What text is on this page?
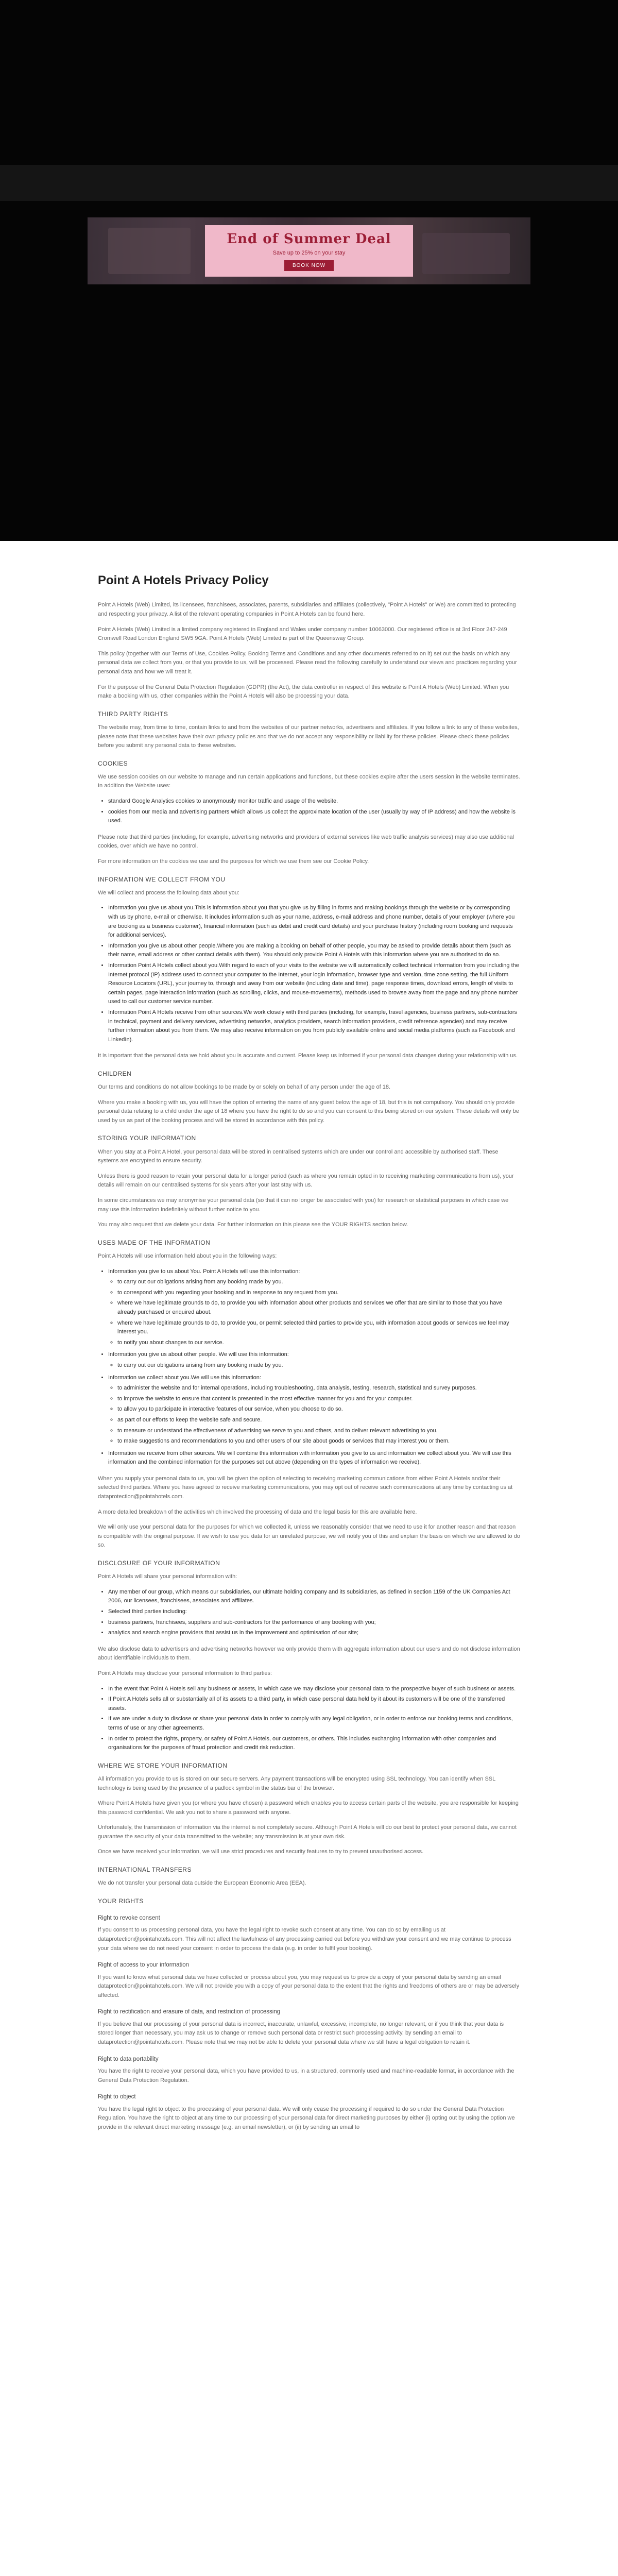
End of Summer Deal
Save up to 25% on your stay
BOOK NOW
Point A Hotels Privacy Policy

Point A Hotels (Web) Limited, its licensees, franchisees, associates, parents, subsidiaries and affiliates (collectively, "Point A Hotels" or We) are committed to protecting and respecting your privacy. A list of the relevant operating companies in Point A Hotels can be found here.

Point A Hotels (Web) Limited is a limited company registered in England and Wales under company number 10063000. Our registered office is at 3rd Floor 247-249 Cromwell Road London England SW5 9GA. Point A Hotels (Web) Limited is part of the Queensway Group.

This policy (together with our Terms of Use, Cookies Policy, Booking Terms and Conditions and any other documents referred to on it) set out the basis on which any personal data we collect from you, or that you provide to us, will be processed. Please read the following carefully to understand our views and practices regarding your personal data and how we will treat it.

For the purpose of the General Data Protection Regulation (GDPR) (the Act), the data controller in respect of this website is Point A Hotels (Web) Limited. When you make a booking with us, other companies within the Point A Hotels will also be processing your data.

THIRD PARTY RIGHTS

The website may, from time to time, contain links to and from the websites of our partner networks, advertisers and affiliates. If you follow a link to any of these websites, please note that these websites have their own privacy policies and that we do not accept any responsibility or liability for these policies. Please check these policies before you submit any personal data to these websites.

COOKIES

We use session cookies on our website to manage and run certain applications and functions, but these cookies expire after the users session in the website terminates. In addition the Website uses:

• standard Google Analytics cookies to anonymously monitor traffic and usage of the website.
• cookies from our media and advertising partners which allows us collect the approximate location of the user (usually by way of IP address) and how the website is used.

Please note that third parties (including, for example, advertising networks and providers of external services like web traffic analysis services) may also use additional cookies, over which we have no control.

For more information on the cookies we use and the purposes for which we use them see our Cookie Policy.

INFORMATION WE COLLECT FROM YOU

We will collect and process the following data about you:

• Information you give us about you.This is information about you that you give us by filling in forms and making bookings through the website or by corresponding with us by phone, e-mail or otherwise. It includes information such as your name, address, e-mail address and phone number, details of your employer (where you are booking as a business customer), financial information (such as debit and credit card details) and your purchase history (including room booking and requests for additional services).
• Information you give us about other people.Where you are making a booking on behalf of other people, you may be asked to provide details about them (such as their name, email address or other contact details with them). You should only provide Point A Hotels with this information where you are authorised to do so.
• Information Point A Hotels collect about you.With regard to each of your visits to the website we will automatically collect technical information from you including the Internet protocol (IP) address used to connect your computer to the Internet, your login information, browser type and version, time zone setting, the full Uniform Resource Locators (URL), your journey to, through and away from our website (including date and time), page response times, download errors, length of visits to certain pages, page interaction information (such as scrolling, clicks, and mouse-movements), methods used to browse away from the page and any phone number used to call our customer service number.
• Information Point A Hotels receive from other sources.We work closely with third parties (including, for example, travel agencies, business partners, sub-contractors in technical, payment and delivery services, advertising networks, analytics providers, search information providers, credit reference agencies) and may receive further information about you from them. We may also receive information on you from publicly available online and social media platforms (such as Facebook and LinkedIn).

It is important that the personal data we hold about you is accurate and current. Please keep us informed if your personal data changes during your relationship with us.

CHILDREN

Our terms and conditions do not allow bookings to be made by or solely on behalf of any person under the age of 18.

Where you make a booking with us, you will have the option of entering the name of any guest below the age of 18, but this is not compulsory. You should only provide personal data relating to a child under the age of 18 where you have the right to do so and you can consent to this being stored on our system. These details will only be used by us as part of the booking process and will be stored in accordance with this policy.

STORING YOUR INFORMATION

When you stay at a Point A Hotel, your personal data will be stored in centralised systems which are under our control and accessible by authorised staff. These systems are encrypted to ensure security.

Unless there is good reason to retain your personal data for a longer period (such as where you remain opted in to receiving marketing communications from us), your details will remain on our centralised systems for six years after your last stay with us.

In some circumstances we may anonymise your personal data (so that it can no longer be associated with you) for research or statistical purposes in which case we may use this information indefinitely without further notice to you.

You may also request that we delete your data. For further information on this please see the YOUR RIGHTS section below.

USES MADE OF THE INFORMATION

Point A Hotels will use information held about you in the following ways:

• Information you give to us about You. Point A Hotels will use this information:
◦ to carry out our obligations arising from any booking made by you.
◦ to correspond with you regarding your booking and in response to any request from you.
◦ where we have legitimate grounds to do, to provide you with information about other products and services we offer that are similar to those that you have already purchased or enquired about.
◦ where we have legitimate grounds to do, to provide you, or permit selected third parties to provide you, with information about goods or services we feel may interest you.
◦ to notify you about changes to our service.
• Information you give us about other people. We will use this information:
◦ to carry out our obligations arising from any booking made by you.
• Information we collect about you.We will use this information:
◦ to administer the website and for internal operations, including troubleshooting, data analysis, testing, research, statistical and survey purposes.
◦ to improve the website to ensure that content is presented in the most effective manner for you and for your computer.
◦ to allow you to participate in interactive features of our service, when you choose to do so.
◦ as part of our efforts to keep the website safe and secure.
◦ to measure or understand the effectiveness of advertising we serve to you and others, and to deliver relevant advertising to you.
◦ to make suggestions and recommendations to you and other users of our site about goods or services that may interest you or them.
• Information we receive from other sources. We will combine this information with information you give to us and information we collect about you. We will use this information and the combined information for the purposes set out above (depending on the types of information we receive).

When you supply your personal data to us, you will be given the option of selecting to receiving marketing communications from either Point A Hotels and/or their selected third parties. Where you have agreed to receive marketing communications, you may opt out of receive such communications at any time by contacting us at dataprotection@pointahotels.com.

A more detailed breakdown of the activities which involved the processing of data and the legal basis for this are available here.

We will only use your personal data for the purposes for which we collected it, unless we reasonably consider that we need to use it for another reason and that reason is compatible with the original purpose. If we wish to use you data for an unrelated purpose, we will notify you of this and explain the basis on which we are allowed to do so.

DISCLOSURE OF YOUR INFORMATION

Point A Hotels will share your personal information with:

• Any member of our group, which means our subsidiaries, our ultimate holding company and its subsidiaries, as defined in section 1159 of the UK Companies Act 2006, our licensees, franchisees, associates and affiliates.
• Selected third parties including:
• business partners, franchisees, suppliers and sub-contractors for the performance of any booking with you;
• analytics and search engine providers that assist us in the improvement and optimisation of our site;

We also disclose data to advertisers and advertising networks however we only provide them with aggregate information about our users and do not disclose information about identifiable individuals to them.

Point A Hotels may disclose your personal information to third parties:

• In the event that Point A Hotels sell any business or assets, in which case we may disclose your personal data to the prospective buyer of such business or assets.
• If Point A Hotels sells all or substantially all of its assets to a third party, in which case personal data held by it about its customers will be one of the transferred assets.
• If we are under a duty to disclose or share your personal data in order to comply with any legal obligation, or in order to enforce our booking terms and conditions, terms of use or any other agreements.
• In order to protect the rights, property, or safety of Point A Hotels, our customers, or others. This includes exchanging information with other companies and organisations for the purposes of fraud protection and credit risk reduction.
WHERE WE STORE YOUR INFORMATION

All information you provide to us is stored on our secure servers. Any payment transactions will be encrypted using SSL technology. You can identify when SSL technology is being used by the presence of a padlock symbol in the status bar of the browser.

Where Point A Hotels have given you (or where you have chosen) a password which enables you to access certain parts of the website, you are responsible for keeping this password confidential. We ask you not to share a password with anyone.

Unfortunately, the transmission of information via the internet is not completely secure. Although Point A Hotels will do our best to protect your personal data, we cannot guarantee the security of your data transmitted to the website; any transmission is at your own risk.

Once we have received your information, we will use strict procedures and security features to try to prevent unauthorised access.

INTERNATIONAL TRANSFERS

We do not transfer your personal data outside the European Economic Area (EEA).

YOUR RIGHTS
Right to revoke consent

If you consent to us processing personal data, you have the legal right to revoke such consent at any time. You can do so by emailing us at dataprotection@pointahotels.com. This will not affect the lawfulness of any processing carried out before you withdraw your consent and we may continue to process your data where we do not need your consent in order to process the data (e.g. in order to fulfil your booking).

Right of access to your information

If you want to know what personal data we have collected or process about you, you may request us to provide a copy of your personal data by sending an email dataprotection@pointahotels.com. We will not provide you with a copy of your personal data to the extent that the rights and freedoms of others are or may be adversely affected.

Right to rectification and erasure of data, and restriction of processing

If you believe that our processing of your personal data is incorrect, inaccurate, unlawful, excessive, incomplete, no longer relevant, or if you think that your data is stored longer than necessary, you may ask us to change or remove such personal data or restrict such processing activity, by sending an email to dataprotection@pointahotels.com. Please note that we may not be able to delete your personal data where we still have a legal obligation to retain it.

Right to data portability

You have the right to receive your personal data, which you have provided to us, in a structured, commonly used and machine-readable format, in accordance with the General Data Protection Regulation.

Right to object

You have the legal right to object to the processing of your personal data. We will only cease the processing if required to do so under the General Data Protection Regulation. You have the right to object at any time to our processing of your personal data for direct marketing purposes by either (i) opting out by using the option we provide in the relevant direct marketing message (e.g. an email newsletter), or (ii) by sending an email to
